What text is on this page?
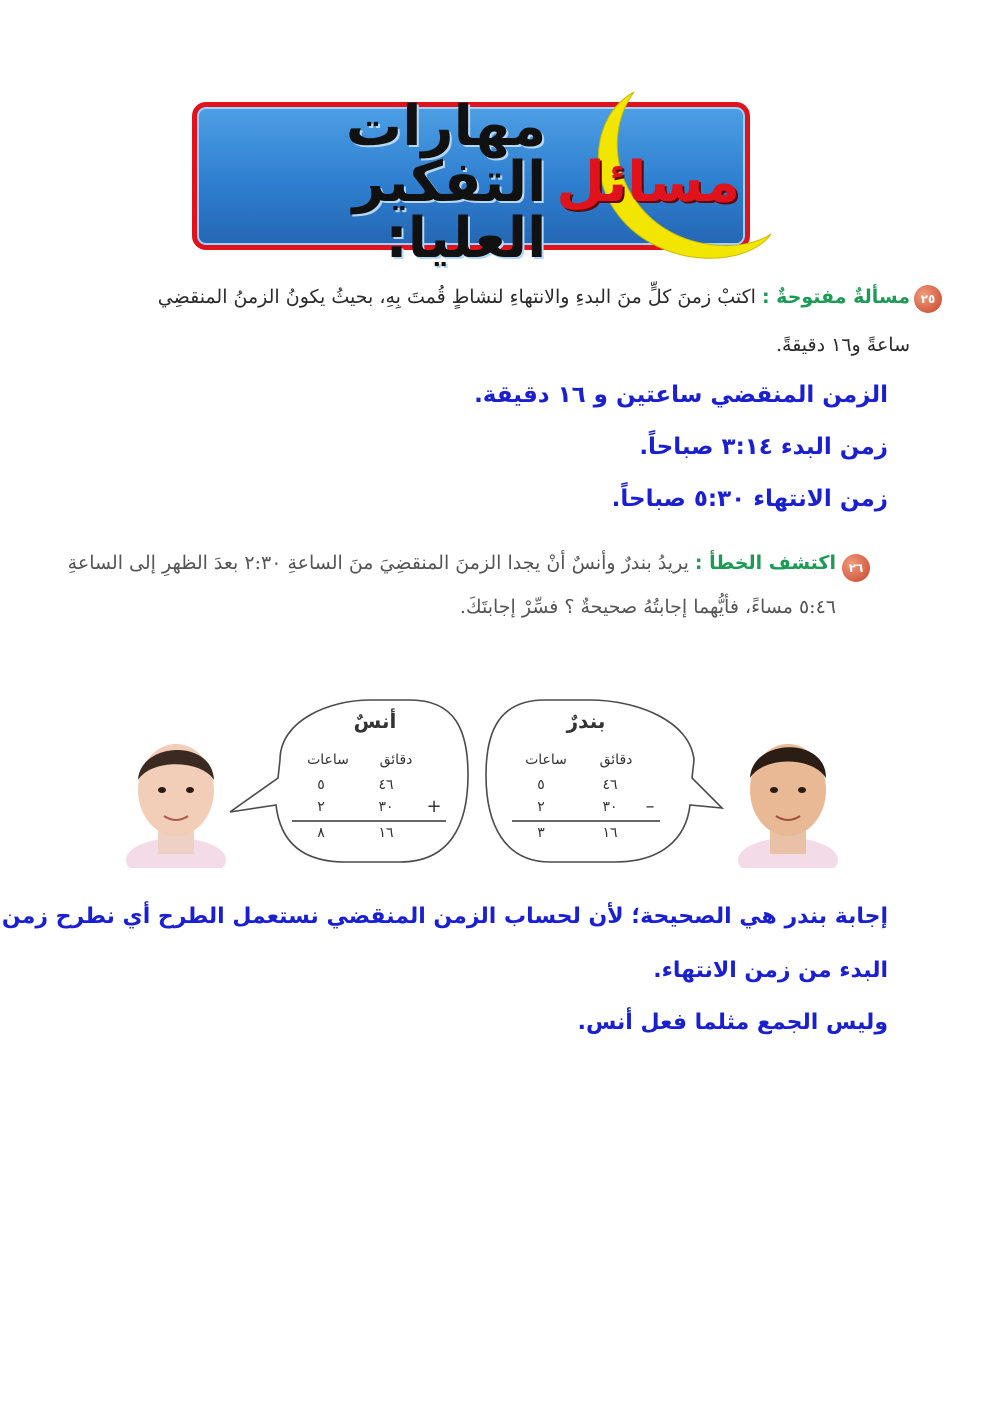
مسائل
مهارات التفكير العليا:
٢٥
مسألةٌ مفتوحةٌ : اكتبْ زمنَ كلٍّ منَ البدءِ والانتهاءِ لنشاطٍ قُمتَ بِهِ، بحيثُ يكونُ الزمنُ المنقضِي
ساعةً و١٦ دقيقةً.
الزمن المنقضي ساعتين و ١٦ دقيقة.
زمن البدء ٣:١٤ صباحاً.
زمن الانتهاء ٥:٣٠ صباحاً.
٢٦
اكتشف الخطأ : يريدُ بندرٌ وأنسٌ أنْ يجدا الزمنَ المنقضِيَ منَ الساعةِ ٢:٣٠ بعدَ الظهرِ إلى الساعةِ
٥:٤٦ مساءً، فأيُّهما إجابتُهُ صحيحةٌ ؟ فسِّرْ إجابتَكَ.
أنسٌ
دقائق
ساعات
٤٦
٥
+
٣٠
٢
١٦
٨
بندرٌ
دقائق
ساعات
٤٦
٥
–
٣٠
٢
١٦
٣
إجابة بندر هي الصحيحة؛ لأن لحساب الزمن المنقضي نستعمل الطرح أي نطرح زمن
البدء من زمن الانتهاء.
وليس الجمع مثلما فعل أنس.
